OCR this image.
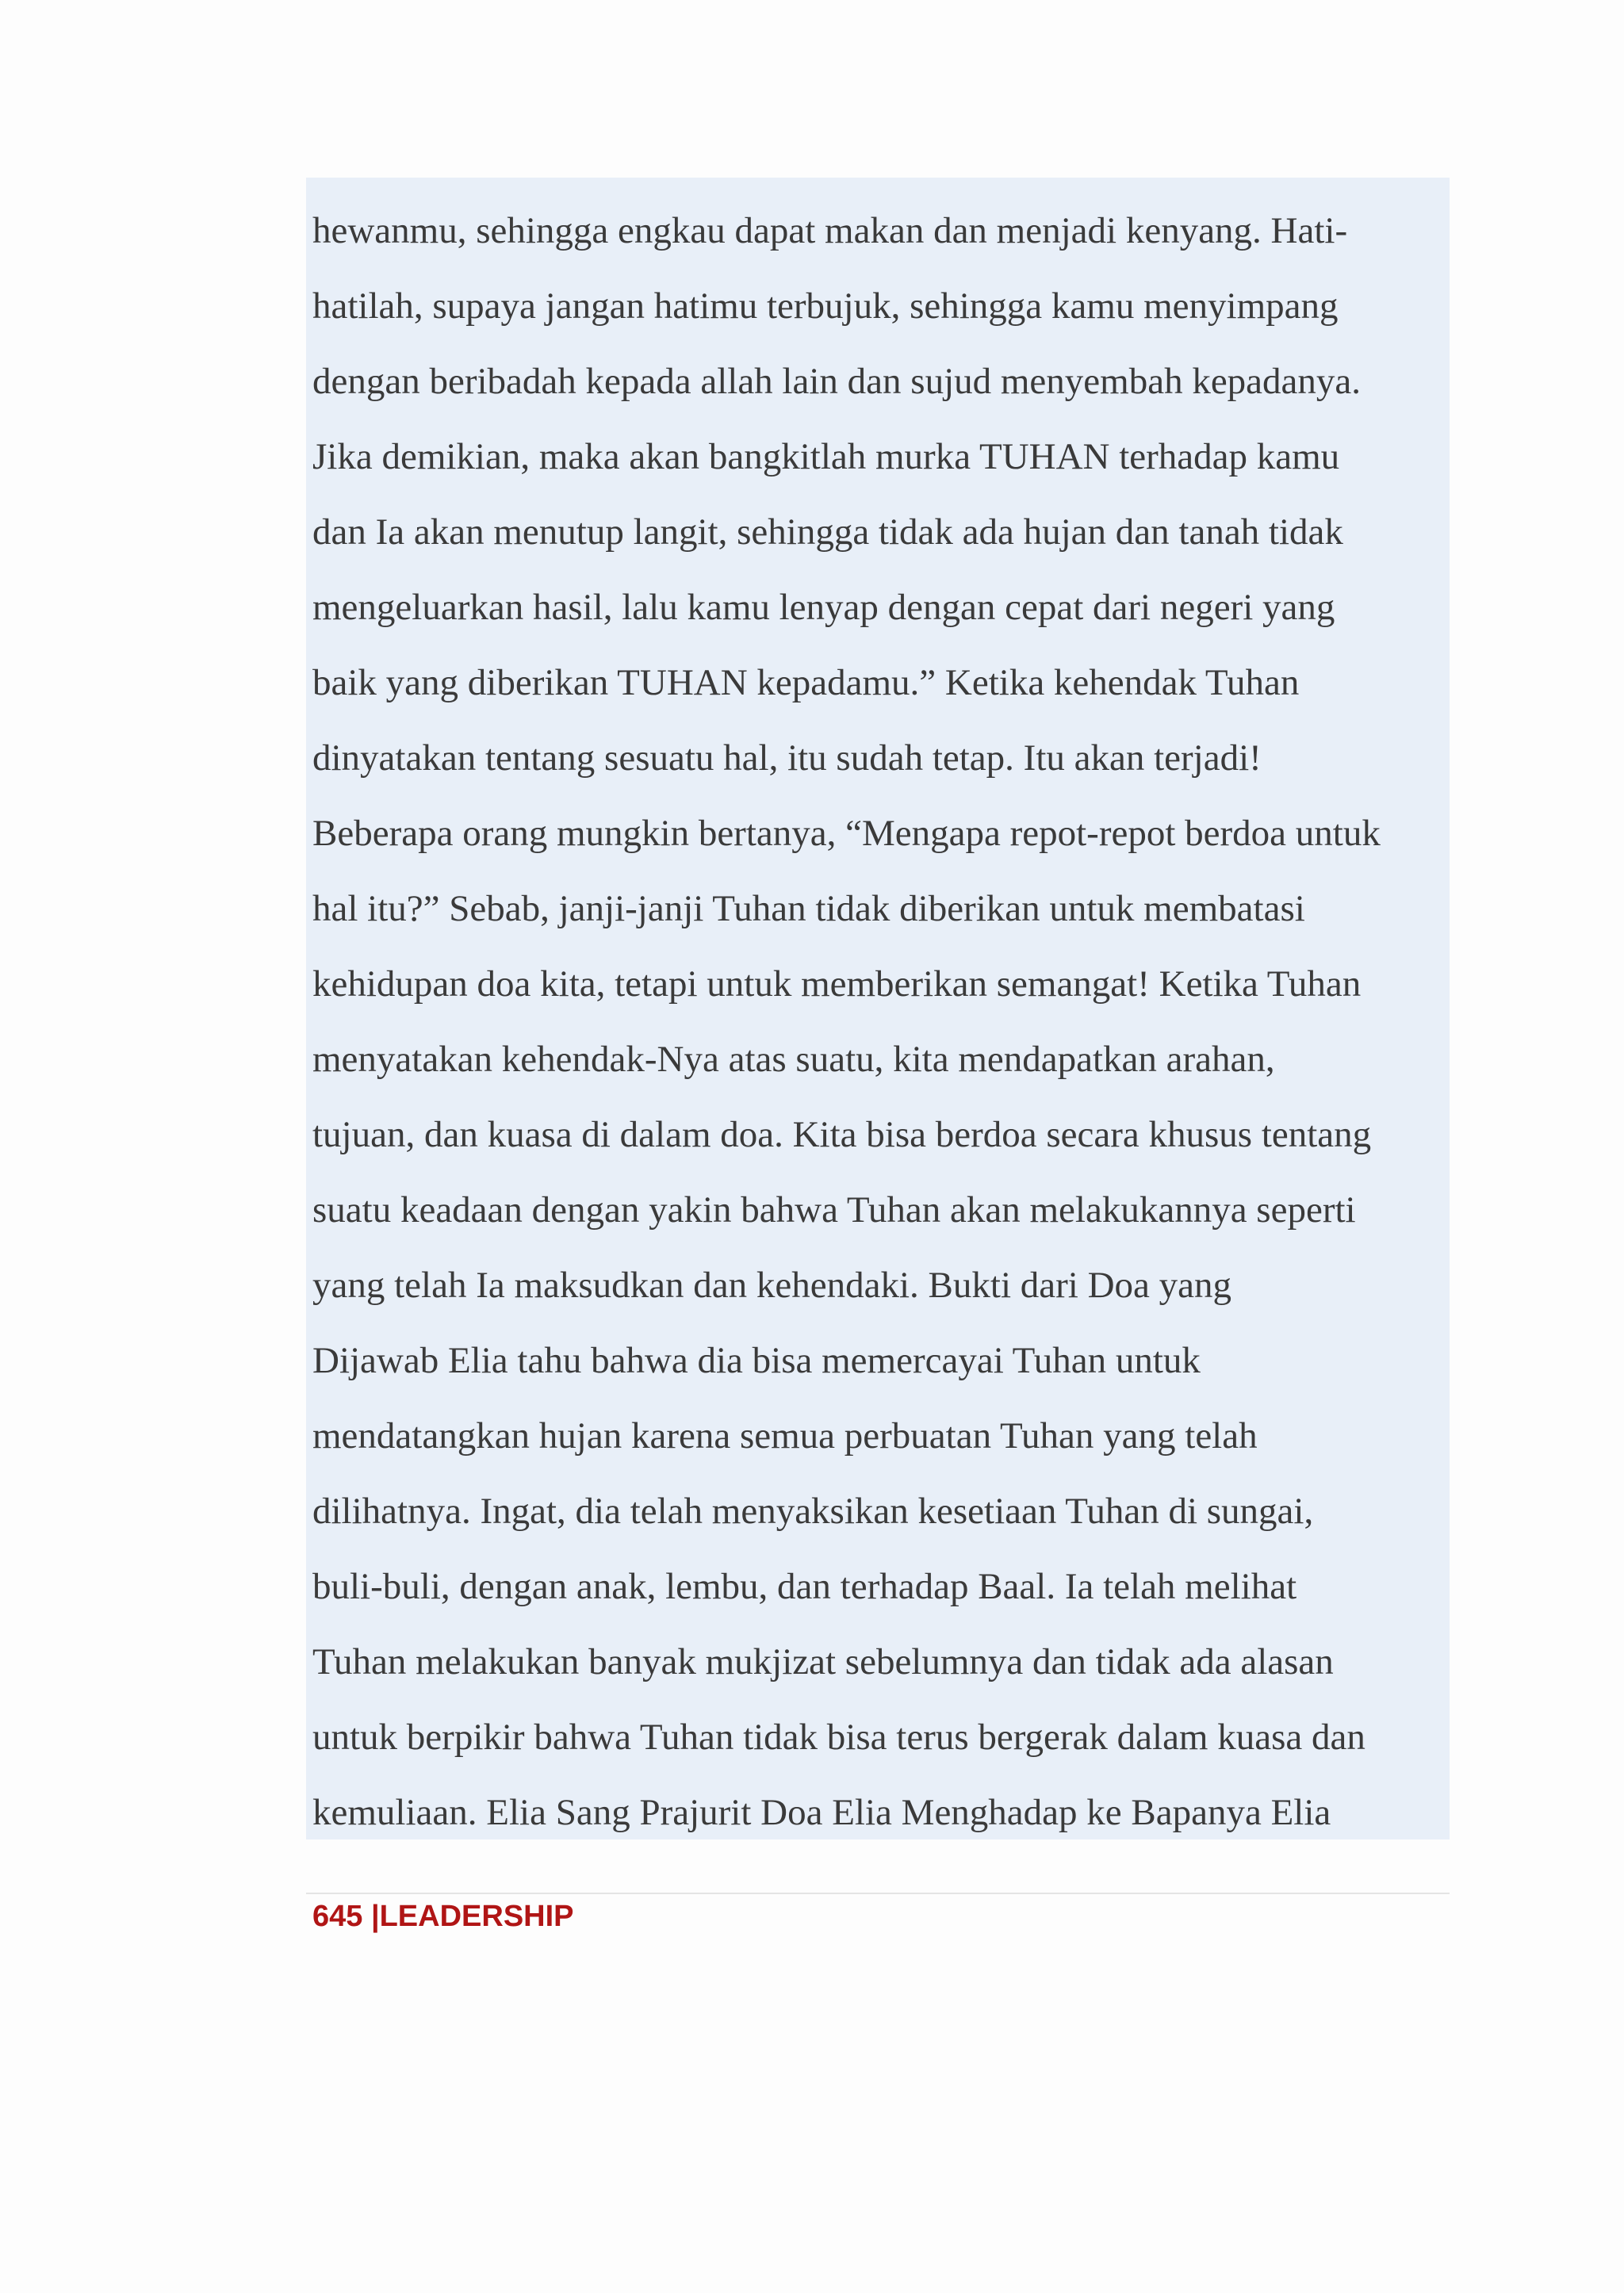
hewanmu, sehingga engkau dapat makan dan menjadi kenyang. Hati-
hatilah, supaya jangan hatimu terbujuk, sehingga kamu menyimpang
dengan beribadah kepada allah lain dan sujud menyembah kepadanya.
Jika demikian, maka akan bangkitlah murka TUHAN terhadap kamu
dan Ia akan menutup langit, sehingga tidak ada hujan dan tanah tidak
mengeluarkan hasil, lalu kamu lenyap dengan cepat dari negeri yang
baik yang diberikan TUHAN kepadamu.” Ketika kehendak Tuhan
dinyatakan tentang sesuatu hal, itu sudah tetap. Itu akan terjadi!
Beberapa orang mungkin bertanya, “Mengapa repot-repot berdoa untuk
hal itu?” Sebab, janji-janji Tuhan tidak diberikan untuk membatasi
kehidupan doa kita, tetapi untuk memberikan semangat! Ketika Tuhan
menyatakan kehendak-Nya atas suatu, kita mendapatkan arahan,
tujuan, dan kuasa di dalam doa. Kita bisa berdoa secara khusus tentang
suatu keadaan dengan yakin bahwa Tuhan akan melakukannya seperti
yang telah Ia maksudkan dan kehendaki. Bukti dari Doa yang
Dijawab Elia tahu bahwa dia bisa memercayai Tuhan untuk
mendatangkan hujan karena semua perbuatan Tuhan yang telah
dilihatnya. Ingat, dia telah menyaksikan kesetiaan Tuhan di sungai,
buli-buli, dengan anak, lembu, dan terhadap Baal. Ia telah melihat
Tuhan melakukan banyak mukjizat sebelumnya dan tidak ada alasan
untuk berpikir bahwa Tuhan tidak bisa terus bergerak dalam kuasa dan
kemuliaan. Elia Sang Prajurit Doa Elia Menghadap ke Bapanya Elia
645 |LEADERSHIP
